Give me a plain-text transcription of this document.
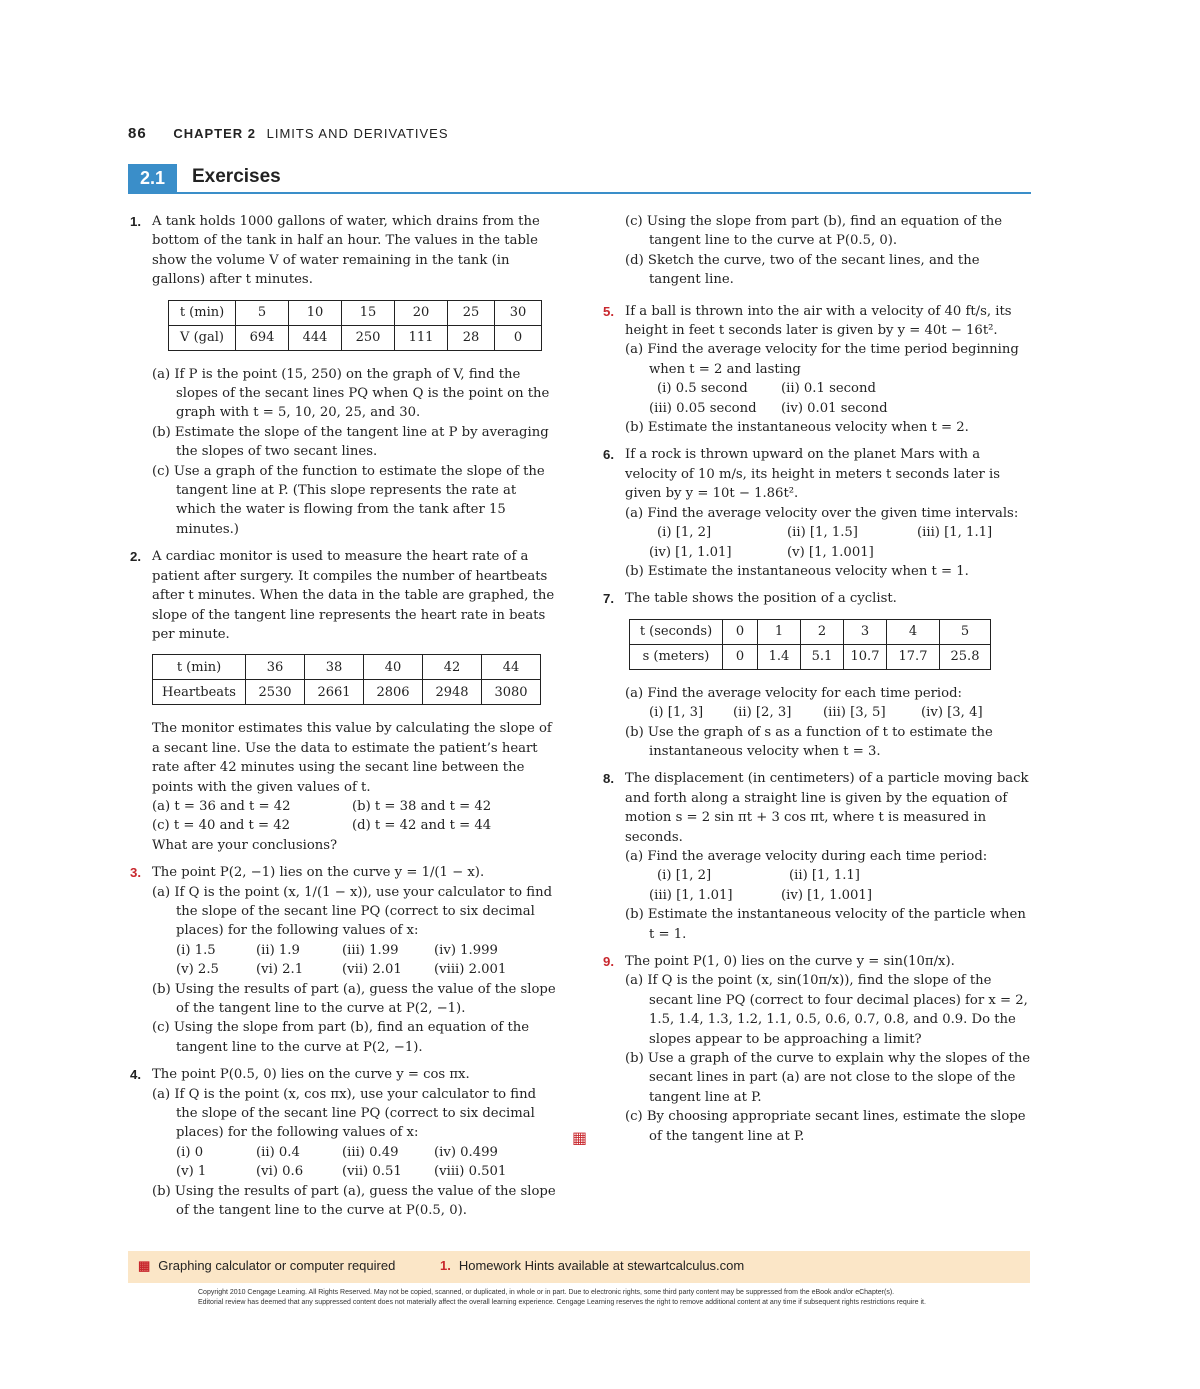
86 CHAPTER 2 LIMITS AND DERIVATIVES
2.1	Exercises
1. A tank holds 1000 gallons of water, which drains from the bottom of the tank in half an hour. The values in the table show the volume V of water remaining in the tank (in gallons) after t minutes.
t (min)	5	10	15	20	25	30
V (gal)	694	444	250	111	28	0
(a) If P is the point (15, 250) on the graph of V, find the slopes of the secant lines PQ when Q is the point on the graph with t = 5, 10, 20, 25, and 30.
(b) Estimate the slope of the tangent line at P by averaging the slopes of two secant lines.
(c) Use a graph of the function to estimate the slope of the tangent line at P. (This slope represents the rate at which the water is flowing from the tank after 15 minutes.)
2. A cardiac monitor is used to measure the heart rate of a patient after surgery. It compiles the number of heartbeats after t minutes. When the data in the table are graphed, the slope of the tangent line represents the heart rate in beats per minute.
t (min)	36	38	40	42	44
Heartbeats	2530	2661	2806	2948	3080
The monitor estimates this value by calculating the slope of a secant line. Use the data to estimate the patient’s heart rate after 42 minutes using the secant line between the points with the given values of t.
(a) t = 36 and t = 42	(b) t = 38 and t = 42
(c) t = 40 and t = 42	(d) t = 42 and t = 44
What are your conclusions?
3. The point P(2, −1) lies on the curve y = 1/(1 − x).
(a) If Q is the point (x, 1/(1 − x)), use your calculator to find the slope of the secant line PQ (correct to six decimal places) for the following values of x:
(i) 1.5	(ii) 1.9	(iii) 1.99	(iv) 1.999
(v) 2.5	(vi) 2.1	(vii) 2.01 (viii) 2.001
(b) Using the results of part (a), guess the value of the slope of the tangent line to the curve at P(2, −1).
(c) Using the slope from part (b), find an equation of the tangent line to the curve at P(2, −1).
4. The point P(0.5, 0) lies on the curve y = cos πx.
(a) If Q is the point (x, cos πx), use your calculator to find the slope of the secant line PQ (correct to six decimal places) for the following values of x:
(i) 0	(ii) 0.4	(iii) 0.49	(iv) 0.499
(v) 1	(vi) 0.6	(vii) 0.51 (viii) 0.501
(b) Using the results of part (a), guess the value of the slope of the tangent line to the curve at P(0.5, 0).
(c) Using the slope from part (b), find an equation of the tangent line to the curve at P(0.5, 0).
(d) Sketch the curve, two of the secant lines, and the tangent line.
5. If a ball is thrown into the air with a velocity of 40 ft/s, its height in feet t seconds later is given by y = 40t − 16t².
(a) Find the average velocity for the time period beginning when t = 2 and lasting
(i) 0.5 second	(ii) 0.1 second
(iii) 0.05 second (iv) 0.01 second
(b) Estimate the instantaneous velocity when t = 2.
6. If a rock is thrown upward on the planet Mars with a velocity of 10 m/s, its height in meters t seconds later is given by y = 10t − 1.86t².
(a) Find the average velocity over the given time intervals:
(i) [1, 2]	(ii) [1, 1.5]	(iii) [1, 1.1]
(iv) [1, 1.01]	(v) [1, 1.001]
(b) Estimate the instantaneous velocity when t = 1.
7. The table shows the position of a cyclist.
t (seconds)	0	1	2	3	4	5
s (meters)	0	1.4	5.1	10.7	17.7	25.8
(a) Find the average velocity for each time period:
(i) [1, 3] (ii) [2, 3] (iii) [3, 5]	(iv) [3, 4]
(b) Use the graph of s as a function of t to estimate the instantaneous velocity when t = 3.
8. The displacement (in centimeters) of a particle moving back and forth along a straight line is given by the equation of motion s = 2 sin πt + 3 cos πt, where t is measured in seconds.
(a) Find the average velocity during each time period:
(i) [1, 2]	(ii) [1, 1.1]
(iii) [1, 1.01]	(iv) [1, 1.001]
(b) Estimate the instantaneous velocity of the particle when t = 1.
9. The point P(1, 0) lies on the curve y = sin(10π/x).
(a) If Q is the point (x, sin(10π/x)), find the slope of the secant line PQ (correct to four decimal places) for x = 2, 1.5, 1.4, 1.3, 1.2, 1.1, 0.5, 0.6, 0.7, 0.8, and 0.9. Do the slopes appear to be approaching a limit?
(b) Use a graph of the curve to explain why the slopes of the secant lines in part (a) are not close to the slope of the tangent line at P.
(c) By choosing appropriate secant lines, estimate the slope of the tangent line at P.
▦
▦ Graphing calculator or computer required	1. Homework Hints available at stewartcalculus.com
Copyright 2010 Cengage Learning. All Rights Reserved. May not be copied, scanned, or duplicated, in whole or in part. Due to electronic rights, some third party content may be suppressed from the eBook and/or eChapter(s).
Editorial review has deemed that any suppressed content does not materially affect the overall learning experience. Cengage Learning reserves the right to remove additional content at any time if subsequent rights restrictions require it.
